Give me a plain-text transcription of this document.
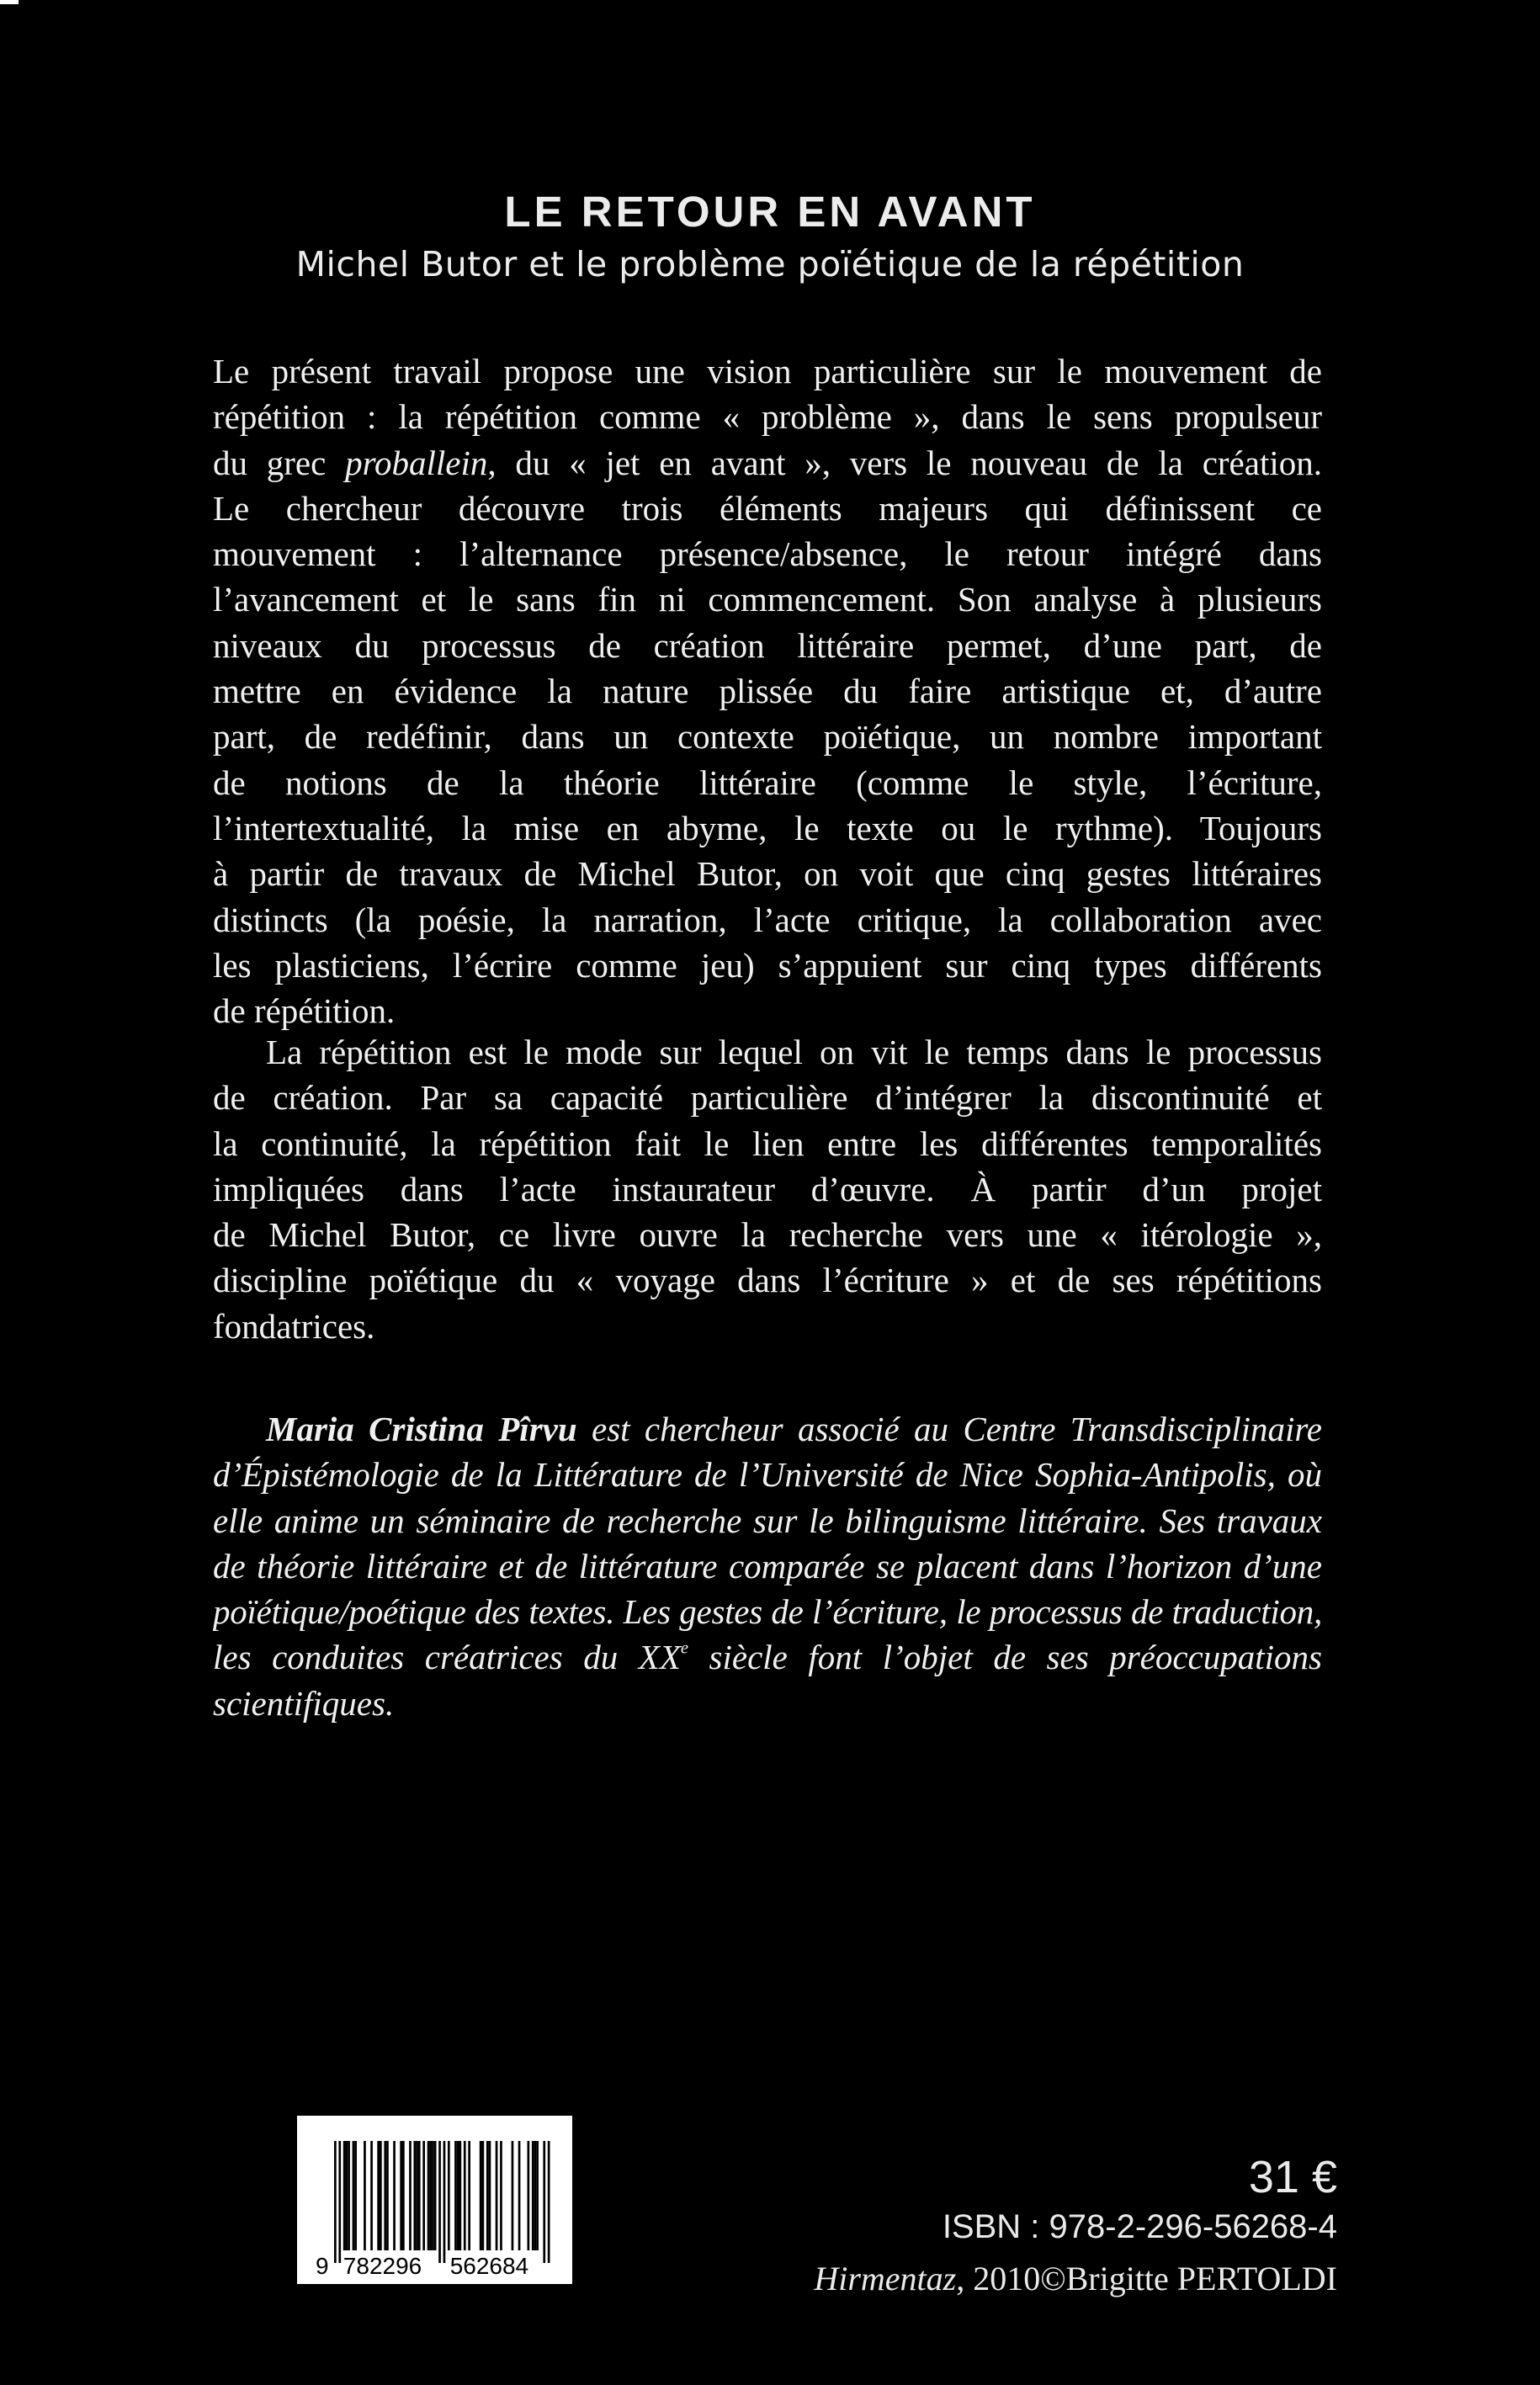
LE RETOUR EN AVANT
Michel Butor et le problème poïétique de la répétition
Le présent travail propose une vision particulière sur le mouvement de
répétition : la répétition comme « problème », dans le sens propulseur
du grec proballein, du « jet en avant », vers le nouveau de la création.
Le chercheur découvre trois éléments majeurs qui définissent ce
mouvement : l’alternance présence/absence, le retour intégré dans
l’avancement et le sans fin ni commencement. Son analyse à plusieurs
niveaux du processus de création littéraire permet, d’une part, de
mettre en évidence la nature plissée du faire artistique et, d’autre
part, de redéfinir, dans un contexte poïétique, un nombre important
de notions de la théorie littéraire (comme le style, l’écriture,
l’intertextualité, la mise en abyme, le texte ou le rythme). Toujours
à partir de travaux de Michel Butor, on voit que cinq gestes littéraires
distincts (la poésie, la narration, l’acte critique, la collaboration avec
les plasticiens, l’écrire comme jeu) s’appuient sur cinq types différents
de répétition.
La répétition est le mode sur lequel on vit le temps dans le processus
de création. Par sa capacité particulière d’intégrer la discontinuité et
la continuité, la répétition fait le lien entre les différentes temporalités
impliquées dans l’acte instaurateur d’œuvre. À partir d’un projet
de Michel Butor, ce livre ouvre la recherche vers une « itérologie »,
discipline poïétique du « voyage dans l’écriture » et de ses répétitions
fondatrices.
Maria Cristina Pîrvu est chercheur associé au Centre Transdisciplinaire
d’Épistémologie de la Littérature de l’Université de Nice Sophia-Antipolis, où
elle anime un séminaire de recherche sur le bilinguisme littéraire. Ses travaux
de théorie littéraire et de littérature comparée se placent dans l’horizon d’une
poïétique/poétique des textes. Les gestes de l’écriture, le processus de traduction,
les conduites créatrices du XXe siècle font l’objet de ses préoccupations
scientifiques.
9 782296 562684
31 €
ISBN : 978-2-296-56268-4
Hirmentaz, 2010©Brigitte PERTOLDI
